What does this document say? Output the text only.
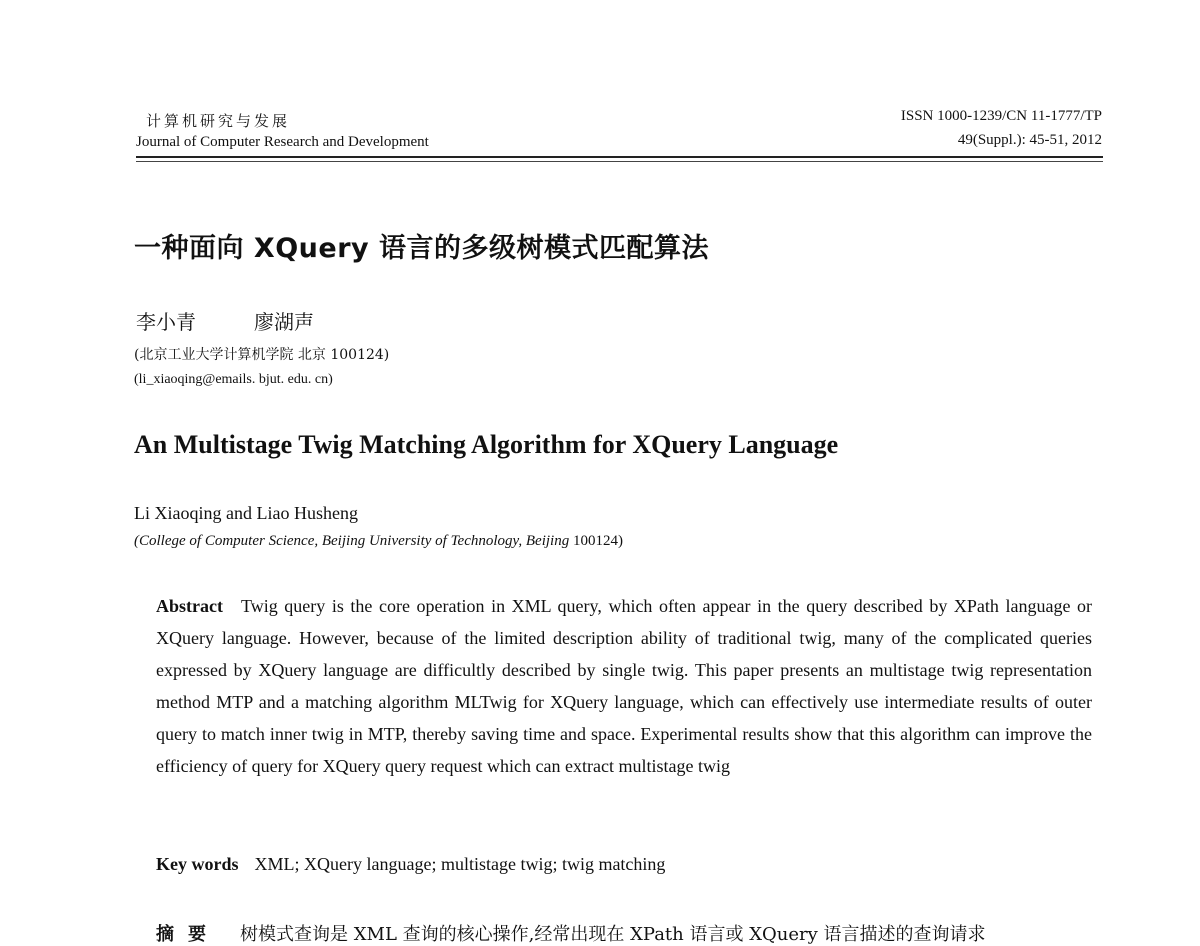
计算机研究与发展
Journal of Computer Research and Development
ISSN 1000-1239/CN 11-1777/TP
49(Suppl.): 45-51, 2012
一种面向 XQuery 语言的多级树模式匹配算法
李小青	廖湖声
(北京工业大学计算机学院 北京 100124)
(li_xiaoqing@emails. bjut. edu. cn)
An Multistage Twig Matching Algorithm for XQuery Language
Li Xiaoqing and Liao Husheng
(College of Computer Science, Beijing University of Technology, Beijing 100124)
Abstract Twig query is the core operation in XML query, which often appear in the query described by XPath language or XQuery language. However, because of the limited description ability of traditional twig, many of the complicated queries expressed by XQuery language are difficultly described by single twig. This paper presents an multistage twig representation method MTP and a matching algorithm MLTwig for XQuery language, which can effectively use intermediate results of outer query to match inner twig in MTP, thereby saving time and space. Experimental results show that this algorithm can improve the efficiency of query for XQuery query request which can extract multistage twig
Key words XML; XQuery language; multistage twig; twig matching
摘要 树模式查询是 XML 查询的核心操作,经常出现在 XPath 语言或 XQuery 语言描述的查询请求
